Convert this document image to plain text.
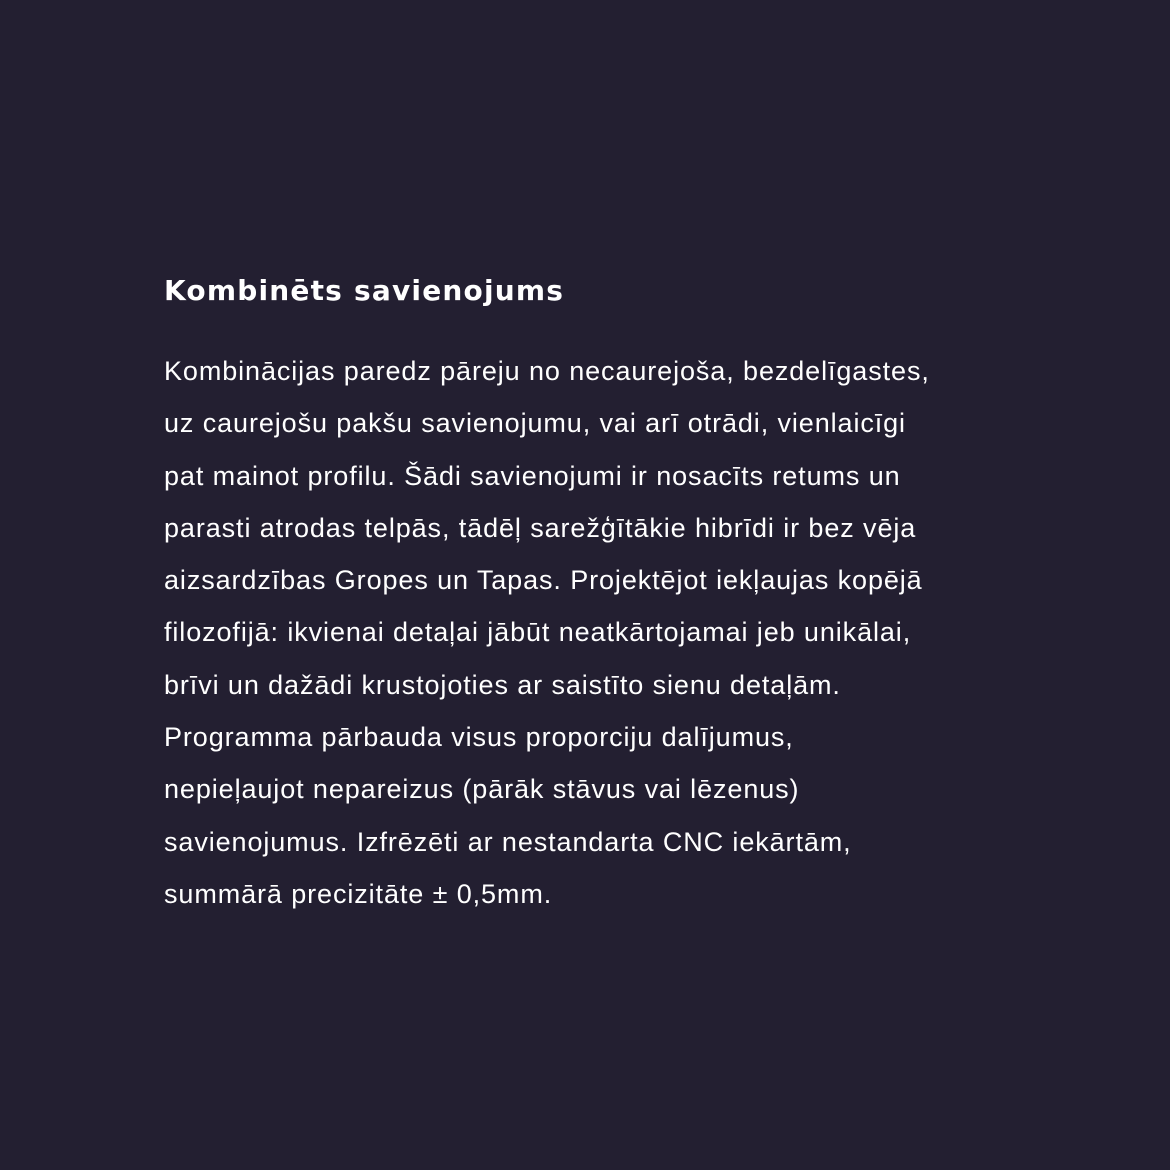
Kombinēts savienojums
Kombinācijas paredz pāreju no necaurejoša, bezdelīgastes,
uz caurejošu pakšu savienojumu, vai arī otrādi, vienlaicīgi
pat mainot profilu. Šādi savienojumi ir nosacīts retums un
parasti atrodas telpās, tādēļ sarežģītākie hibrīdi ir bez vēja
aizsardzības Gropes un Tapas. Projektējot iekļaujas kopējā
filozofijā: ikvienai detaļai jābūt neatkārtojamai jeb unikālai,
brīvi un dažādi krustojoties ar saistīto sienu detaļām.
Programma pārbauda visus proporciju dalījumus,
nepieļaujot nepareizus (pārāk stāvus vai lēzenus)
savienojumus. Izfrēzēti ar nestandarta CNC iekārtām,
summārā precizitāte ± 0,5mm.
